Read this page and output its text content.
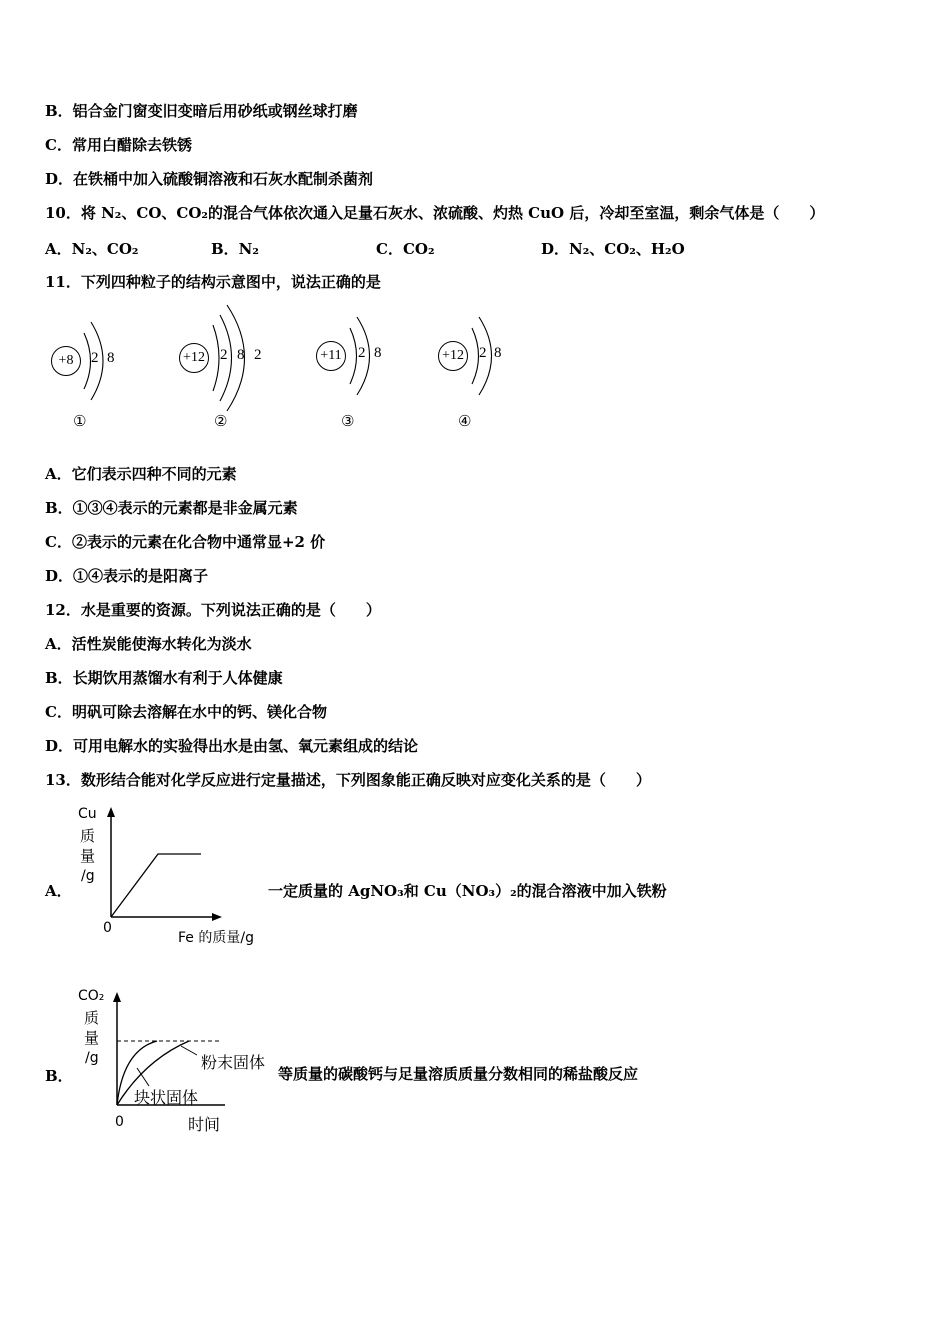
B．铝合金门窗变旧变暗后用砂纸或钢丝球打磨
C．常用白醋除去铁锈
D．在铁桶中加入硫酸铜溶液和石灰水配制杀菌剂
10．将 N₂、CO、CO₂的混合气体依次通入足量石灰水、浓硫酸、灼热 CuO 后，冷却至室温，剩余气体是（　　）
A．N₂、CO₂	B．N₂	C．CO₂	D．N₂、CO₂、H₂O
11．下列四种粒子的结构示意图中，说法正确的是
+8	2 8
①
+12 2 8 2
②
+11 2 8
③
+12 2 8
④
A．它们表示四种不同的元素
B．①③④表示的元素都是非金属元素
C．②表示的元素在化合物中通常显+2 价
D．①④表示的是阳离子
12．水是重要的资源。下列说法正确的是（　　）
A．活性炭能使海水转化为淡水
B．长期饮用蒸馏水有利于人体健康
C．明矾可除去溶解在水中的钙、镁化合物
D．可用电解水的实验得出水是由氢、氧元素组成的结论
13．数形结合能对化学反应进行定量描述，下列图象能正确反映对应变化关系的是（　　）
A．
Cu
质
量
/g
0
Fe 的质量/g
一定质量的 AgNO₃和 Cu（NO₃）₂的混合溶液中加入铁粉
B．
CO₂
质
量
/g	粉末固体
块状固体
0	时间
等质量的碳酸钙与足量溶质质量分数相同的稀盐酸反应
